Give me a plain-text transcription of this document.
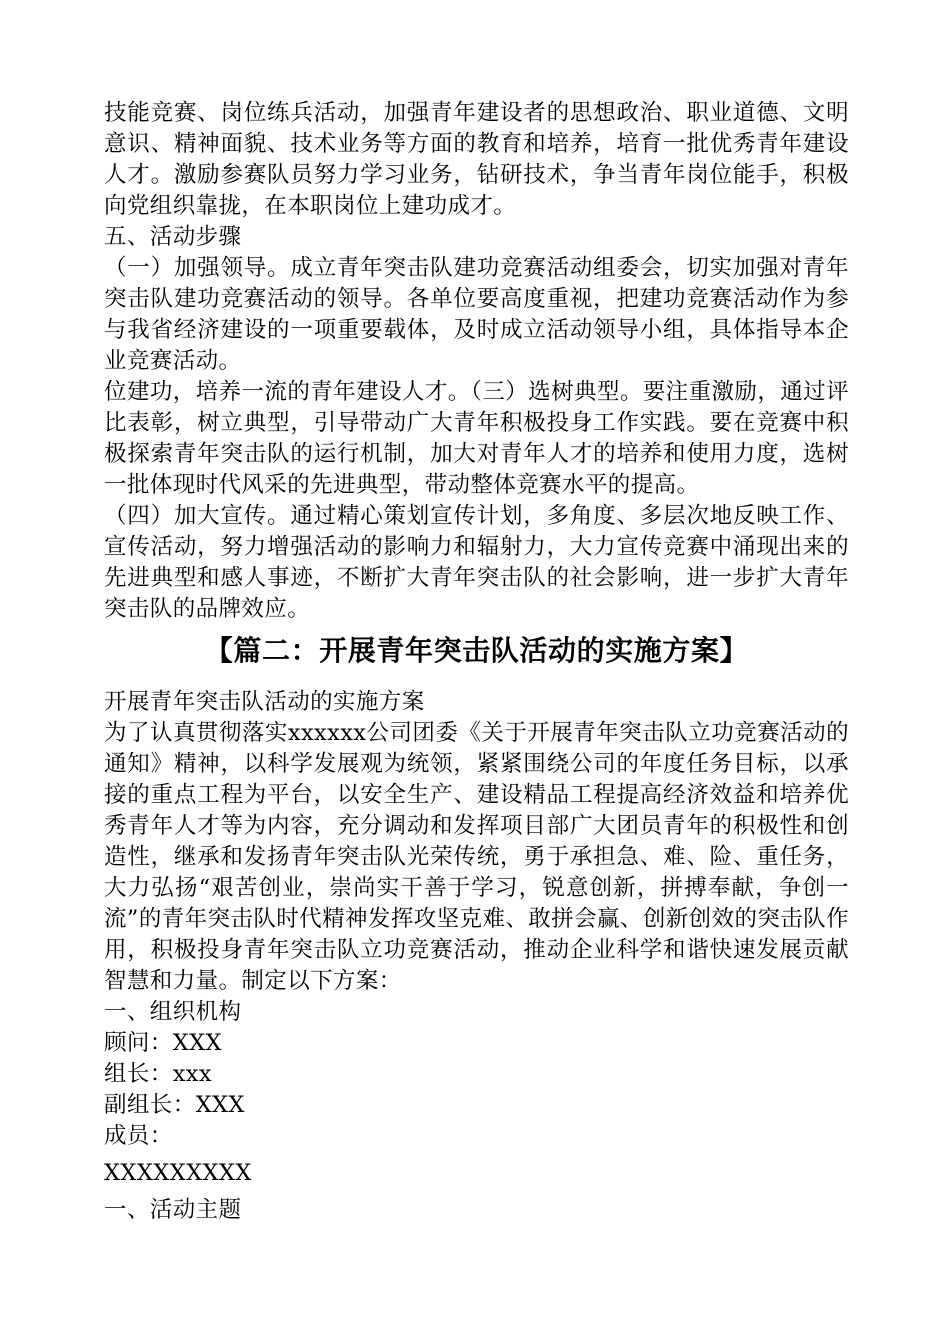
技能竞赛、岗位练兵活动，加强青年建设者的思想政治、职业道德、文明意识、精神面貌、技术业务等方面的教育和培养，培育一批优秀青年建设人才。激励参赛队员努力学习业务，钻研技术，争当青年岗位能手，积极向党组织靠拢，在本职岗位上建功成才。

五、活动步骤

（一）加强领导。成立青年突击队建功竞赛活动组委会，切实加强对青年突击队建功竞赛活动的领导。各单位要高度重视，把建功竞赛活动作为参与我省经济建设的一项重要载体，及时成立活动领导小组，具体指导本企业竞赛活动。

位建功，培养一流的青年建设人才。（三）选树典型。要注重激励，通过评比表彰，树立典型，引导带动广大青年积极投身工作实践。要在竞赛中积极探索青年突击队的运行机制，加大对青年人才的培养和使用力度，选树一批体现时代风采的先进典型，带动整体竞赛水平的提高。

（四）加大宣传。通过精心策划宣传计划，多角度、多层次地反映工作、宣传活动，努力增强活动的影响力和辐射力，大力宣传竞赛中涌现出来的先进典型和感人事迹，不断扩大青年突击队的社会影响，进一步扩大青年突击队的品牌效应。

【篇二：开展青年突击队活动的实施方案】

开展青年突击队活动的实施方案

为了认真贯彻落实xxxxxx公司团委《关于开展青年突击队立功竞赛活动的通知》精神，以科学发展观为统领，紧紧围绕公司的年度任务目标，以承接的重点工程为平台，以安全生产、建设精品工程提高经济效益和培养优秀青年人才等为内容，充分调动和发挥项目部广大团员青年的积极性和创造性，继承和发扬青年突击队光荣传统，勇于承担急、难、险、重任务，大力弘扬“艰苦创业，崇尚实干善于学习，锐意创新，拼搏奉献，争创一流”的青年突击队时代精神发挥攻坚克难、敢拼会赢、创新创效的突击队作用，积极投身青年突击队立功竞赛活动，推动企业科学和谐快速发展贡献智慧和力量。制定以下方案：

一、组织机构

顾问：XXX

组长：xxx

副组长：XXX

成员：

XXXXXXXXX

一、活动主题
